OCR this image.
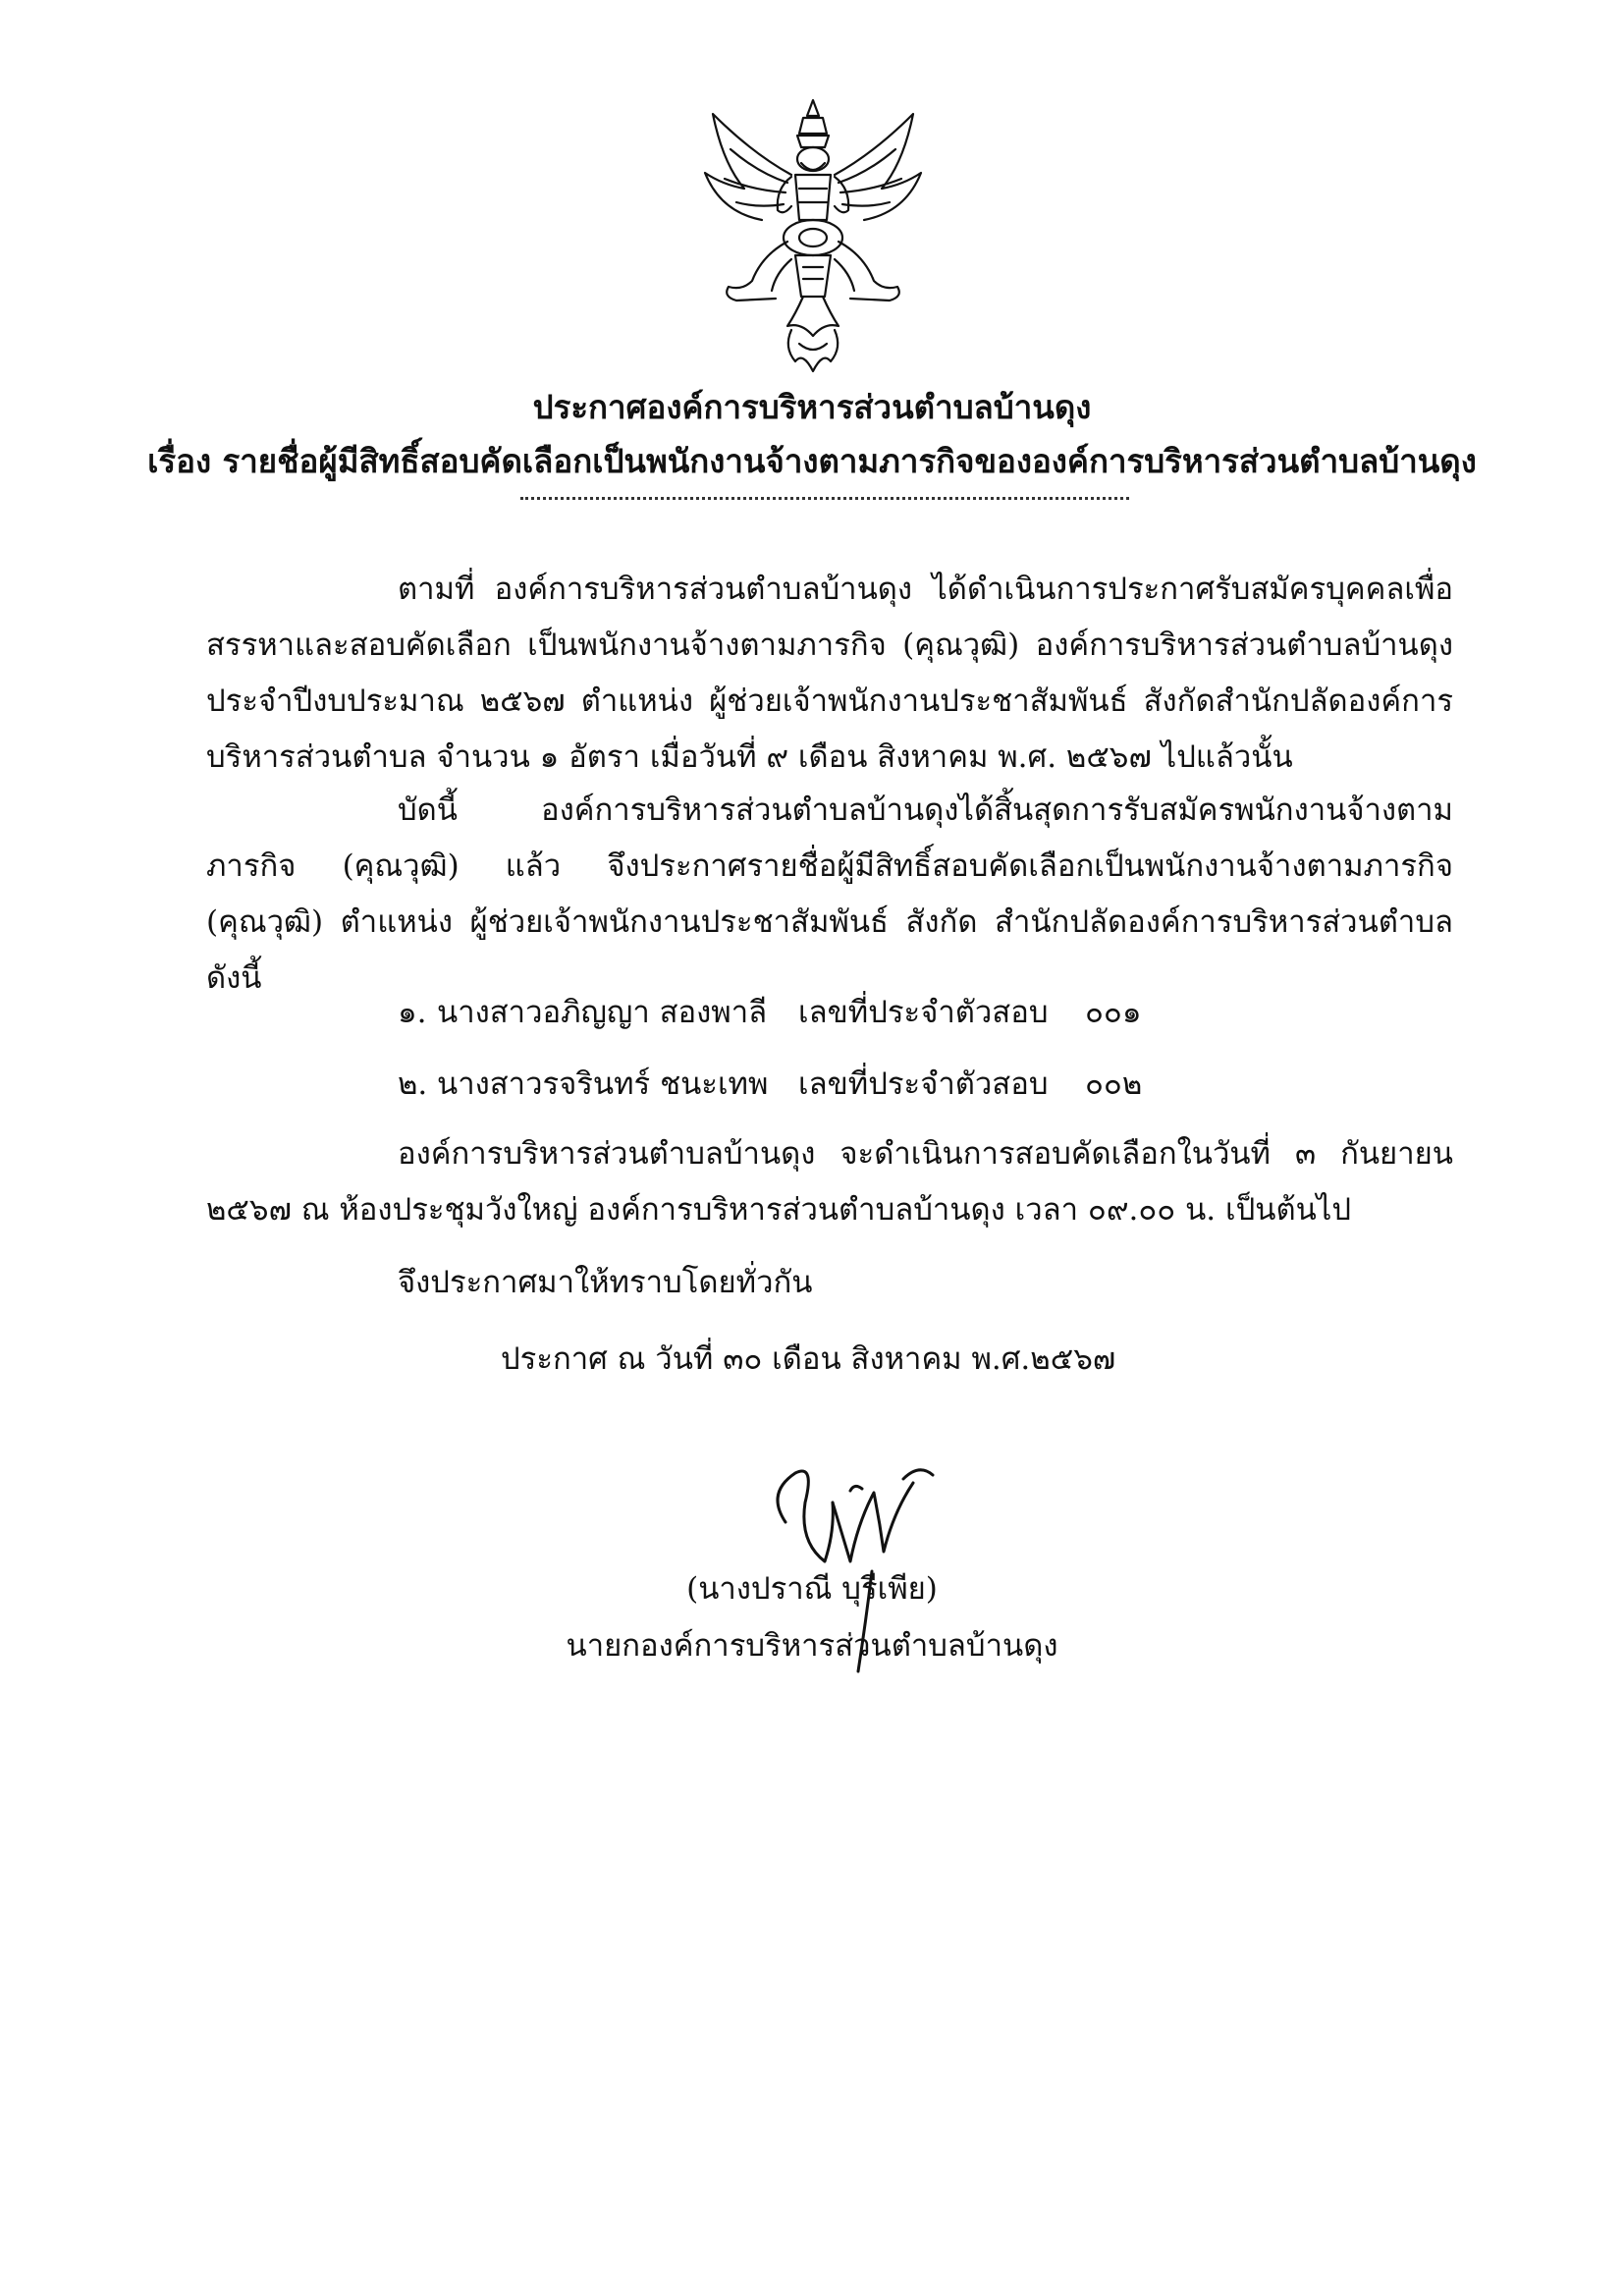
ประกาศองค์การบริหารส่วนตำบลบ้านดุง
เรื่อง รายชื่อผู้มีสิทธิ์สอบคัดเลือกเป็นพนักงานจ้างตามภารกิจขององค์การบริหารส่วนตำบลบ้านดุง
ตามที่ องค์การบริหารส่วนตำบลบ้านดุง ได้ดำเนินการประกาศรับสมัครบุคคลเพื่อสรรหาและสอบคัดเลือก เป็นพนักงานจ้างตามภารกิจ (คุณวุฒิ) องค์การบริหารส่วนตำบลบ้านดุง ประจำปีงบประมาณ ๒๕๖๗ ตำแหน่ง ผู้ช่วยเจ้าพนักงานประชาสัมพันธ์ สังกัดสำนักปลัดองค์การบริหารส่วนตำบล จำนวน ๑ อัตรา เมื่อวันที่ ๙ เดือน สิงหาคม พ.ศ. ๒๕๖๗ ไปแล้วนั้น
บัดนี้ องค์การบริหารส่วนตำบลบ้านดุงได้สิ้นสุดการรับสมัครพนักงานจ้างตามภารกิจ (คุณวุฒิ) แล้ว จึงประกาศรายชื่อผู้มีสิทธิ์สอบคัดเลือกเป็นพนักงานจ้างตามภารกิจ (คุณวุฒิ) ตำแหน่ง ผู้ช่วยเจ้าพนักงานประชาสัมพันธ์ สังกัด สำนักปลัดองค์การบริหารส่วนตำบล ดังนี้
๑. นางสาวอภิญญา สองพาลี เลขที่ประจำตัวสอบ ๐๐๑
๒. นางสาวรจรินทร์ ชนะเทพ เลขที่ประจำตัวสอบ ๐๐๒
องค์การบริหารส่วนตำบลบ้านดุง จะดำเนินการสอบคัดเลือกในวันที่ ๓ กันยายน ๒๕๖๗ ณ ห้องประชุมวังใหญ่ องค์การบริหารส่วนตำบลบ้านดุง เวลา ๐๙.๐๐ น. เป็นต้นไป
จึงประกาศมาให้ทราบโดยทั่วกัน
ประกาศ ณ วันที่ ๓๐ เดือน สิงหาคม พ.ศ.๒๕๖๗
(นางปราณี บุรีเพีย)
นายกองค์การบริหารส่วนตำบลบ้านดุง
